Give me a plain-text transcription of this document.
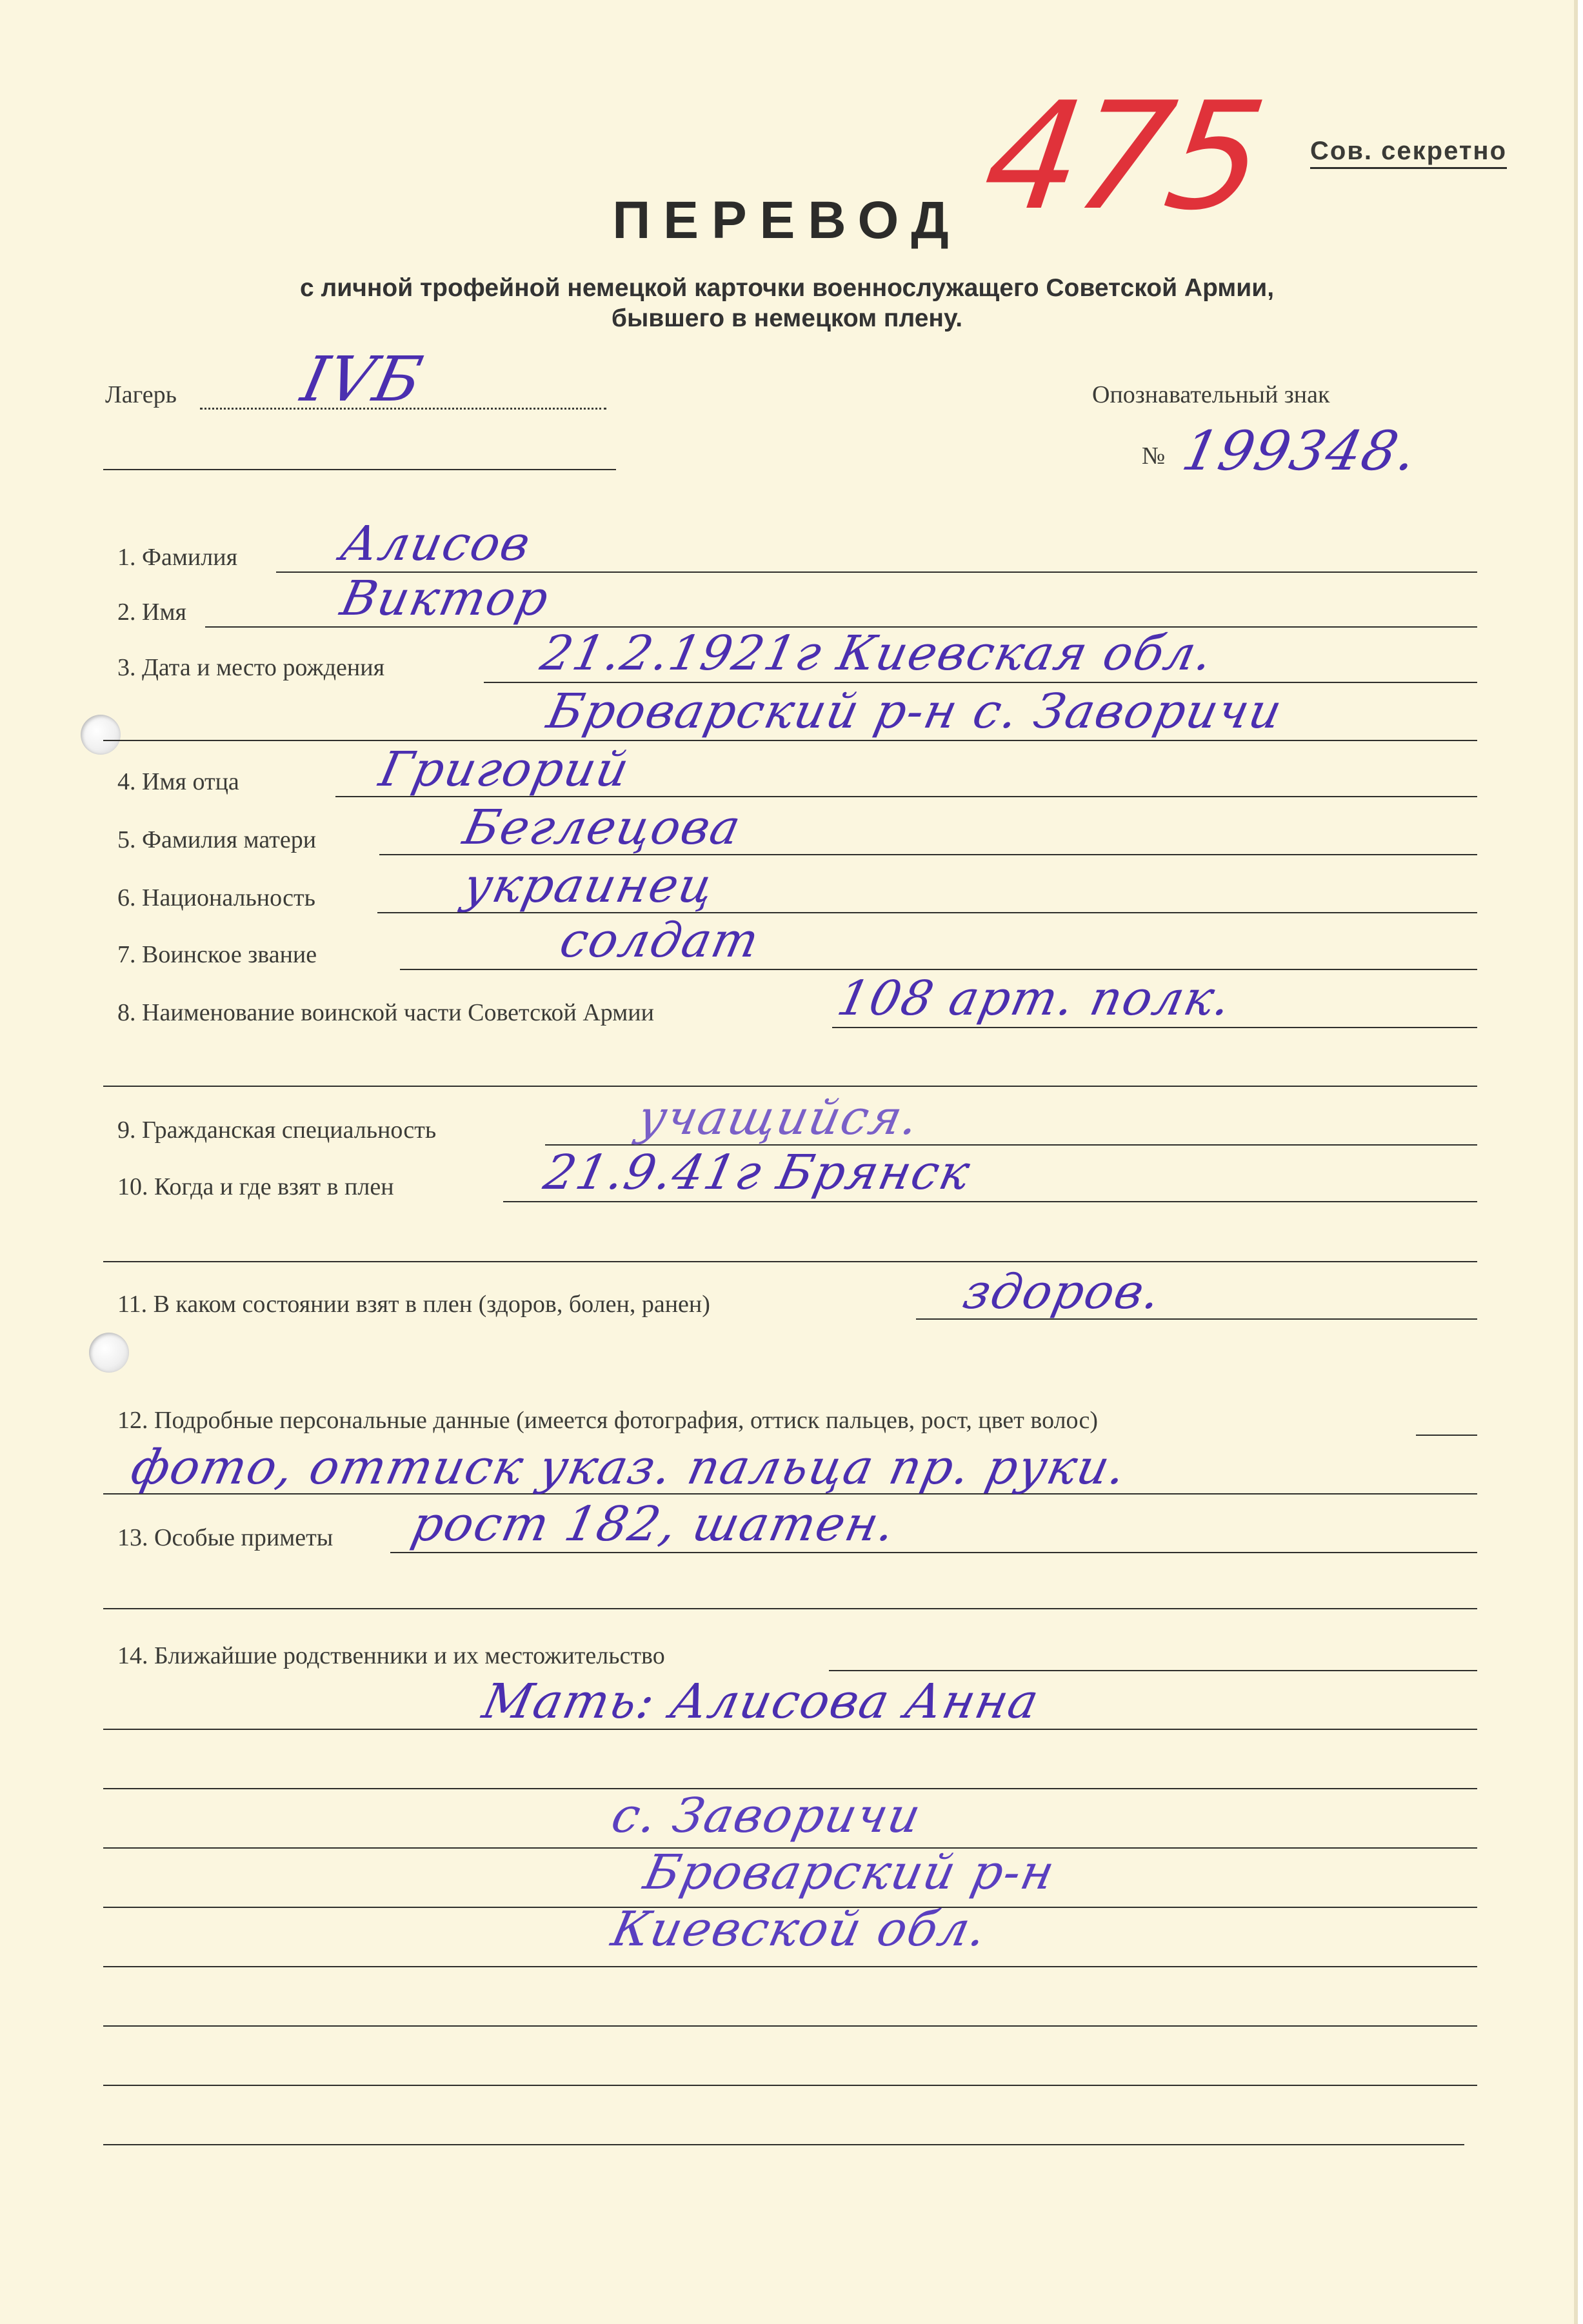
Сов. секретно
475
ПЕРЕВОД
с личной трофейной немецкой карточки военнослужащего Советской Армии,
бывшего в немецком плену.
Лагерь IVБ	Опознавательный знак
№ 199348.
1. Фамилия Алисов
2. Имя	Виктор
3. Дата и место рождения	21.2.1921г Киевская обл.
Броварский р-н с. Заворичи
4. Имя отца	Григорий
5. Фамилия матери	Беглецова
6. Национальность	украинец
7. Воинское звание	солдат
8. Наименование воинской части Советской Армии	108 арт. полк.
9. Гражданская специальность	учащийся.
10. Когда и где взят в плен	21.9.41г Брянск
11. В каком состоянии взят в плен (здоров, болен, ранен)	здоров.
12. Подробные персональные данные (имеется фотография, оттиск пальцев, рост, цвет волос)
фото, оттиск указ. пальца пр. руки.
13. Особые приметы рост 182, шатен.
14. Ближайшие родственники и их местожительство
Мать: Алисова Анна
с. Заворичи
Броварский р-н
Киевской обл.
